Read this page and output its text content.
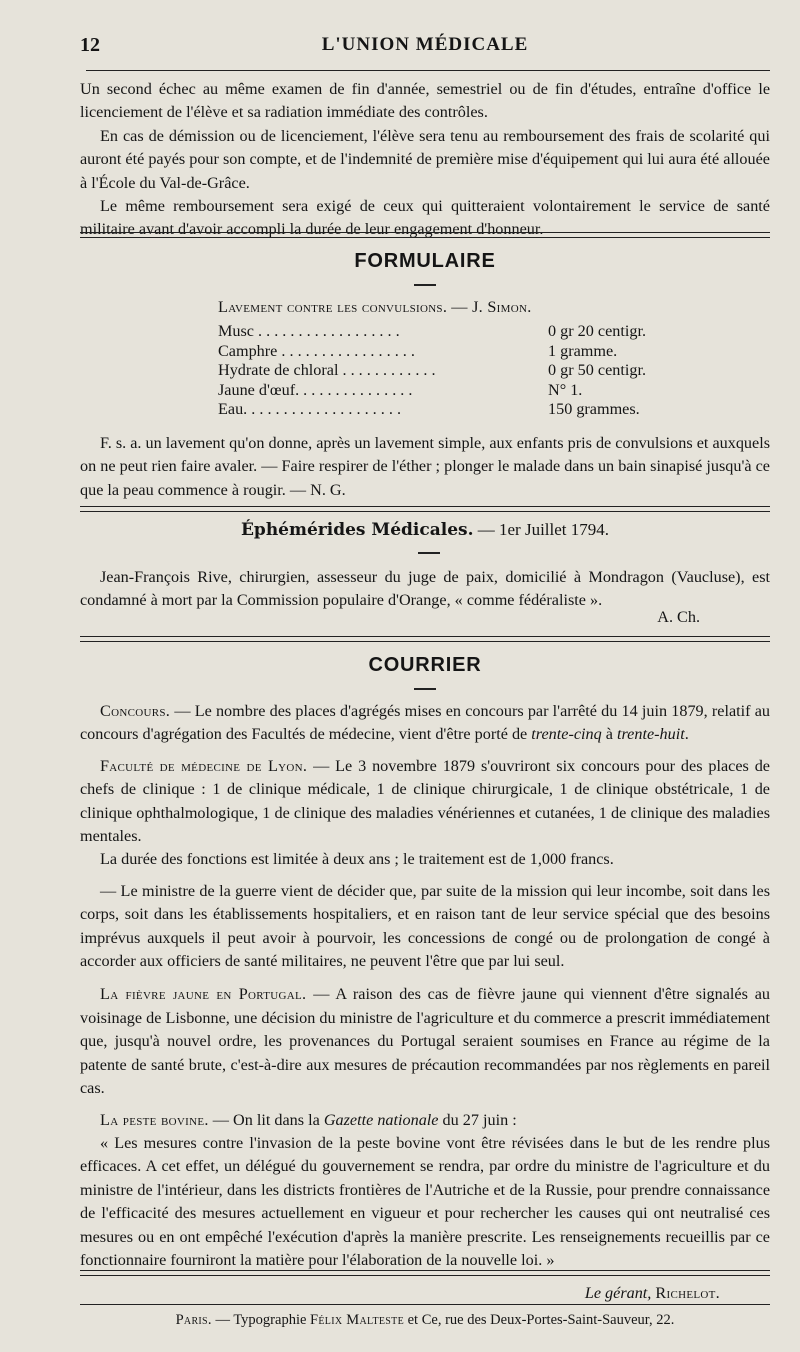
12	L'UNION MÉDICALE

Un second échec au même examen de fin d'année, semestriel ou de fin d'études, entraîne d'office le licenciement de l'élève et sa radiation immédiate des contrôles.

En cas de démission ou de licenciement, l'élève sera tenu au remboursement des frais de scolarité qui auront été payés pour son compte, et de l'indemnité de première mise d'équipement qui lui aura été allouée à l'École du Val-de-Grâce.

Le même remboursement sera exigé de ceux qui quitteraient volontairement le service de santé militaire avant d'avoir accompli la durée de leur engagement d'honneur.

FORMULAIRE
Lavement contre les convulsions. — J. Simon.
Musc . . . . . . . . . . . . . . . . . .	0 gr 20 centigr.
Camphre . . . . . . . . . . . . . . . . .	1 gramme.
Hydrate de chloral . . . . . . . . . . . .	0 gr 50 centigr.
Jaune d'œuf. . . . . . . . . . . . . . .	N° 1.
Eau. . . . . . . . . . . . . . . . . . . .	150 grammes.
F. s. a. un lavement qu'on donne, après un lavement simple, aux enfants pris de convulsions et auxquels on ne peut rien faire avaler. — Faire respirer de l'éther ; plonger le malade dans un bain sinapisé jusqu'à ce que la peau commence à rougir. — N. G.
Éphémérides Médicales. — 1er Juillet 1794.
Jean-François Rive, chirurgien, assesseur du juge de paix, domicilié à Mondragon (Vaucluse), est condamné à mort par la Commission populaire d'Orange, « comme fédéraliste ».
A. Ch.
COURRIER

Concours. — Le nombre des places d'agrégés mises en concours par l'arrêté du 14 juin 1879, relatif au concours d'agrégation des Facultés de médecine, vient d'être porté de trente-cinq à trente-huit.

Faculté de médecine de Lyon. — Le 3 novembre 1879 s'ouvriront six concours pour des places de chefs de clinique : 1 de clinique médicale, 1 de clinique chirurgicale, 1 de clinique obstétricale, 1 de clinique ophthalmologique, 1 de clinique des maladies vénériennes et cutanées, 1 de clinique des maladies mentales.

La durée des fonctions est limitée à deux ans ; le traitement est de 1,000 francs.

— Le ministre de la guerre vient de décider que, par suite de la mission qui leur incombe, soit dans les corps, soit dans les établissements hospitaliers, et en raison tant de leur service spécial que des besoins imprévus auxquels il peut avoir à pourvoir, les concessions de congé ou de prolongation de congé à accorder aux officiers de santé militaires, ne peuvent l'être que par lui seul.

La fièvre jaune en Portugal. — A raison des cas de fièvre jaune qui viennent d'être signalés au voisinage de Lisbonne, une décision du ministre de l'agriculture et du commerce a prescrit immédiatement que, jusqu'à nouvel ordre, les provenances du Portugal seraient soumises en France au régime de la patente de santé brute, c'est-à-dire aux mesures de précaution recommandées par nos règlements en pareil cas.

La peste bovine. — On lit dans la Gazette nationale du 27 juin :

« Les mesures contre l'invasion de la peste bovine vont être révisées dans le but de les rendre plus efficaces. A cet effet, un délégué du gouvernement se rendra, par ordre du ministre de l'agriculture et du ministre de l'intérieur, dans les districts frontières de l'Autriche et de la Russie, pour prendre connaissance de l'efficacité des mesures actuellement en vigueur et pour rechercher les causes qui ont neutralisé ces mesures ou en ont empêché l'exécution d'après la manière prescrite. Les renseignements recueillis par ce fonctionnaire fourniront la matière pour l'élaboration de la nouvelle loi. »

Le gérant, Richelot.
Paris. — Typographie Félix Malteste et Ce, rue des Deux-Portes-Saint-Sauveur, 22.
